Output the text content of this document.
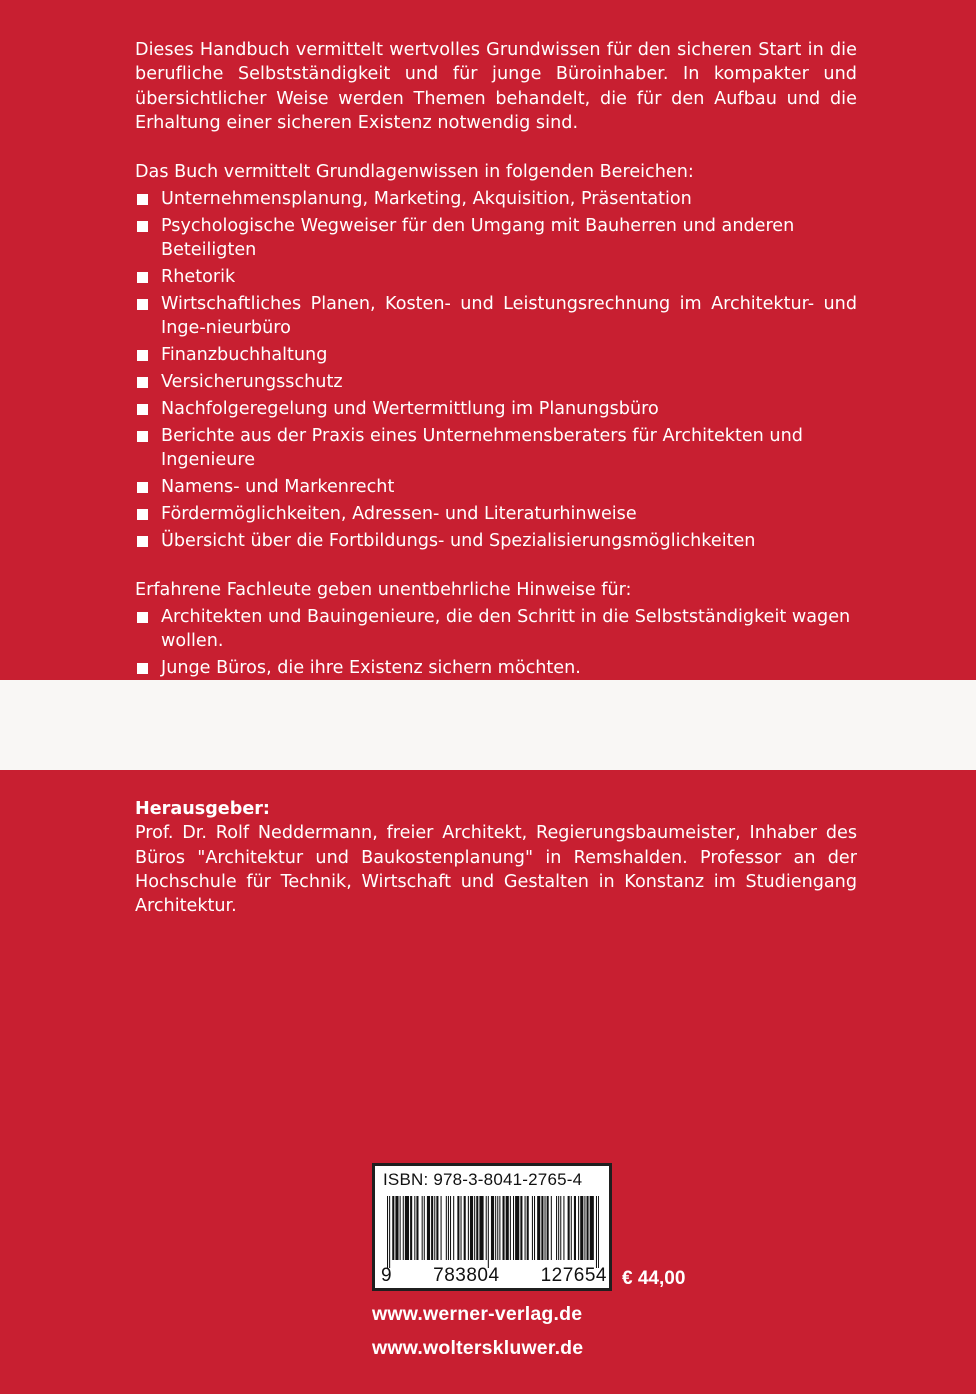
Dieses Handbuch vermittelt wertvolles Grundwissen für den sicheren Start in die berufliche Selbstständigkeit und für junge Büroinhaber. In kompakter und übersichtlicher Weise werden Themen behandelt, die für den Aufbau und die Erhaltung einer sicheren Existenz notwendig sind.

Das Buch vermittelt Grundlagenwissen in folgenden Bereichen:

Unternehmensplanung, Marketing, Akquisition, Präsentation
Psychologische Wegweiser für den Umgang mit Bauherren und anderen Beteiligten
Rhetorik
Wirtschaftliches Planen, Kosten- und Leistungsrechnung im Architektur- und Inge-nieurbüro
Finanzbuchhaltung
Versicherungsschutz
Nachfolgeregelung und Wertermittlung im Planungsbüro
Berichte aus der Praxis eines Unternehmensberaters für Architekten und Ingenieure
Namens- und Markenrecht
Fördermöglichkeiten, Adressen- und Literaturhinweise
Übersicht über die Fortbildungs- und Spezialisierungsmöglichkeiten

Erfahrene Fachleute geben unentbehrliche Hinweise für:

Architekten und Bauingenieure, die den Schritt in die Selbstständigkeit wagen wollen.
Junge Büros, die ihre Existenz sichern möchten.
Herausgeber:

Prof. Dr. Rolf Neddermann, freier Architekt, Regierungsbaumeister, Inhaber des Büros "Architektur und Baukostenplanung" in Remshalden. Professor an der Hochschule für Technik, Wirtschaft und Gestalten in Konstanz im Studiengang Architektur.

ISBN: 978-3-8041-2765-4
9 783804 127654 € 44,00
www.werner-verlag.de
www.wolterskluwer.de
